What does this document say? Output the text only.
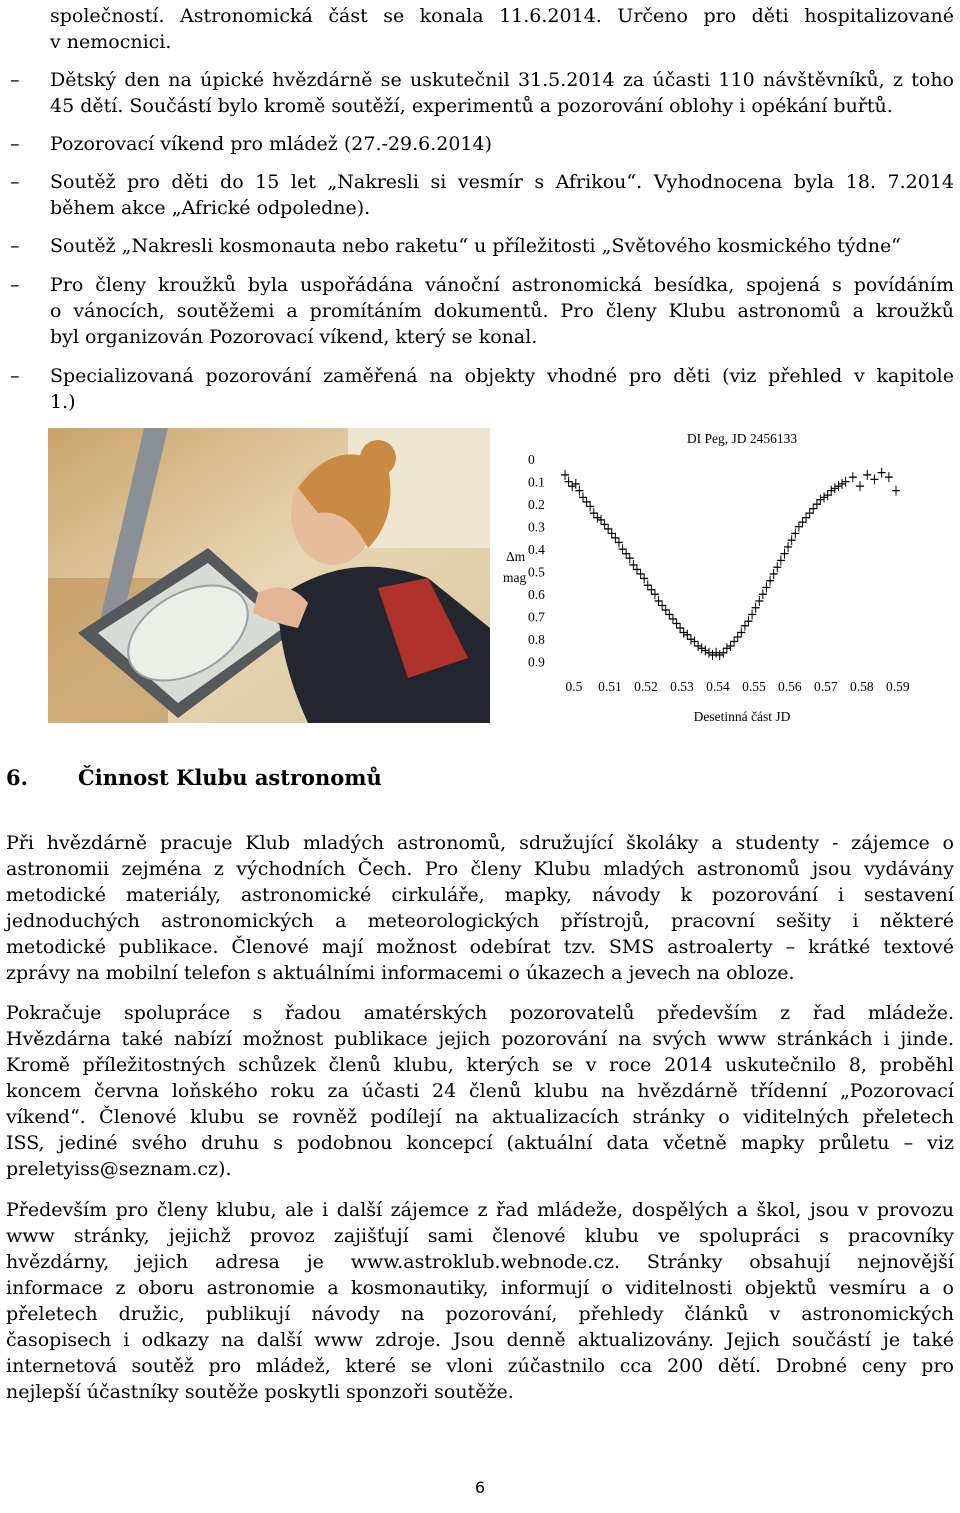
společností. Astronomická část se konala 11.6.2014. Určeno pro děti hospitalizované
v nemocnici.
–	Dětský den na úpické hvězdárně se uskutečnil 31.5.2014 za účasti 110 návštěvníků, z toho
45 dětí. Součástí bylo kromě soutěží, experimentů a pozorování oblohy i opékání buřtů.
–	Pozorovací víkend pro mládež (27.-29.6.2014)
–	Soutěž pro děti do 15 let „Nakresli si vesmír s Afrikou“. Vyhodnocena byla 18. 7.2014
během akce „Africké odpoledne).
–	Soutěž „Nakresli kosmonauta nebo raketu“ u příležitosti „Světového kosmického týdne“
–	Pro členy kroužků byla uspořádána vánoční astronomická besídka, spojená s povídáním
o vánocích, soutěžemi a promítáním dokumentů. Pro členy Klubu astronomů a kroužků
byl organizován Pozorovací víkend, který se konal.
–	Specializovaná pozorování zaměřená na objekty vhodné pro děti (viz přehled v kapitole
1.)
DI Peg, JD 2456133
Δm
mag
Desetinná část JD
0
0.1
0.2
0.3
0.4
0.5
0.6
0.7
0.8
0.9
0.5 0.51 0.52 0.53 0.54 0.55 0.56 0.57 0.58 0.59
6. Činnost Klubu astronomů
Při hvězdárně pracuje Klub mladých astronomů, sdružující školáky a studenty - zájemce o
astronomii zejména z východních Čech. Pro členy Klubu mladých astronomů jsou vydávány
metodické materiály, astronomické cirkuláře, mapky, návody k pozorování i sestavení
jednoduchých astronomických a meteorologických přístrojů, pracovní sešity i některé
metodické publikace. Členové mají možnost odebírat tzv. SMS astroalerty – krátké textové
zprávy na mobilní telefon s aktuálními informacemi o úkazech a jevech na obloze.
Pokračuje spolupráce s řadou amatérských pozorovatelů především z řad mládeže.
Hvězdárna také nabízí možnost publikace jejich pozorování na svých www stránkách i jinde.
Kromě příležitostných schůzek členů klubu, kterých se v roce 2014 uskutečnilo 8, proběhl
koncem června loňského roku za účasti 24 členů klubu na hvězdárně třídenní „Pozorovací
víkend“. Členové klubu se rovněž podílejí na aktualizacích stránky o viditelných přeletech
ISS, jediné svého druhu s podobnou koncepcí (aktuální data včetně mapky průletu – viz
preletyiss@seznam.cz).
Především pro členy klubu, ale i další zájemce z řad mládeže, dospělých a škol, jsou v provozu
www stránky, jejichž provoz zajišťují sami členové klubu ve spolupráci s pracovníky
hvězdárny, jejich adresa je www.astroklub.webnode.cz. Stránky obsahují nejnovější
informace z oboru astronomie a kosmonautiky, informují o viditelnosti objektů vesmíru a o
přeletech družic, publikují návody na pozorování, přehledy článků v astronomických
časopisech i odkazy na další www zdroje. Jsou denně aktualizovány. Jejich součástí je také
internetová soutěž pro mládež, které se vloni zúčastnilo cca 200 dětí. Drobné ceny pro
nejlepší účastníky soutěže poskytli sponzoři soutěže.
6
